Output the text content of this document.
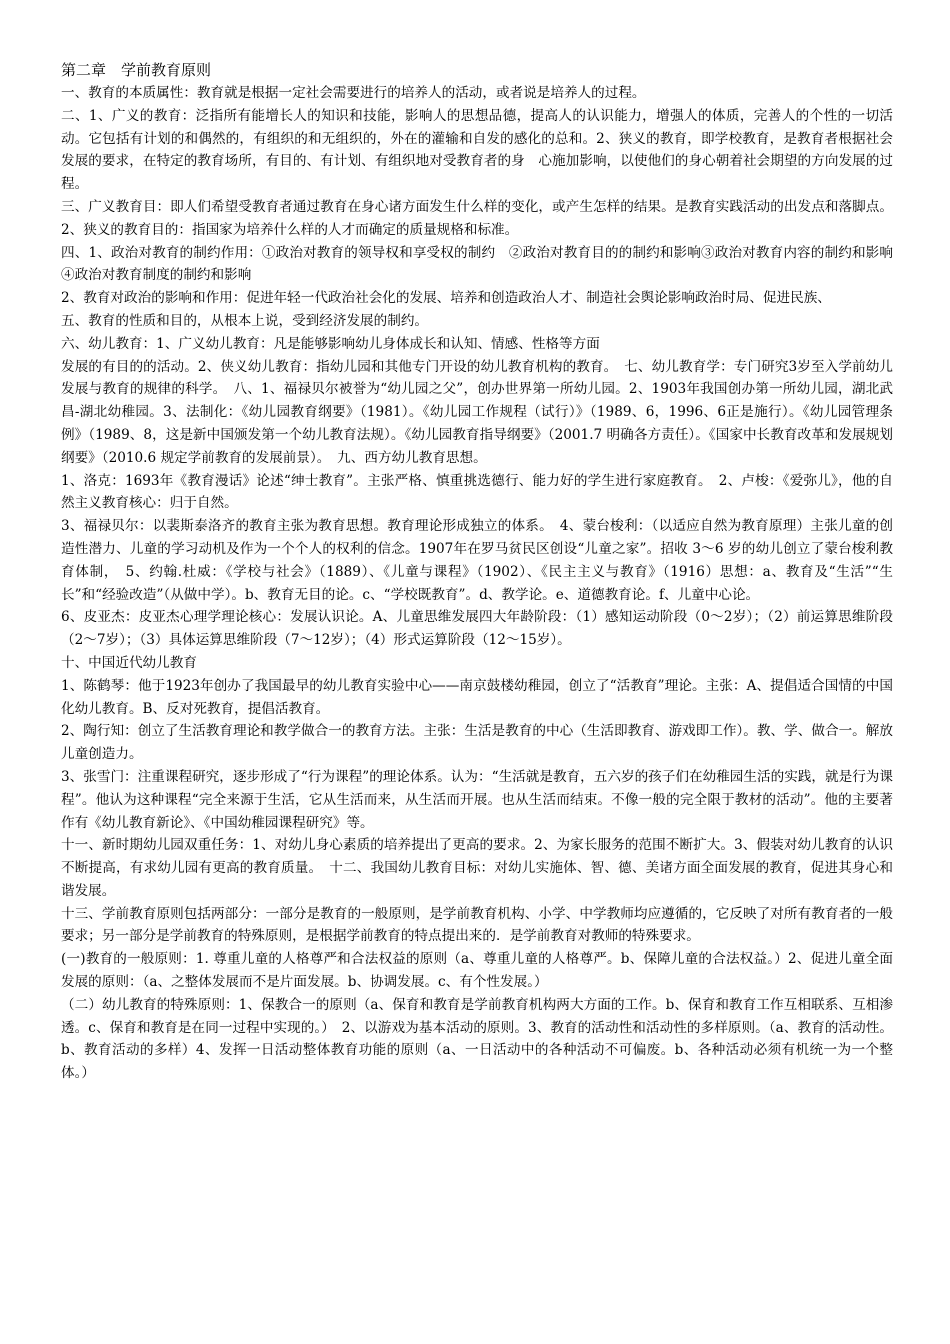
第二章　学前教育原则

一、教育的本质属性：教育就是根据一定社会需要进行的培养人的活动，或者说是培养人的过程。

二、1、广义的教育：泛指所有能增长人的知识和技能，影响人的思想品德，提高人的认识能力，增强人的体质，完善人的个性的一切活动。它包括有计划的和偶然的，有组织的和无组织的，外在的灌输和自发的感化的总和。2、狭义的教育，即学校教育，是教育者根据社会发展的要求，在特定的教育场所，有目的、有计划、有组织地对受教育者的身　心施加影响，以使他们的身心朝着社会期望的方向发展的过程。

三、广义教育目：即人们希望受教育者通过教育在身心诸方面发生什么样的变化，或产生怎样的结果。是教育实践活动的出发点和落脚点。2、狭义的教育目的：指国家为培养什么样的人才而确定的质量规格和标准。

四、1、政治对教育的制约作用：①政治对教育的领导权和享受权的制约　②政治对教育目的的制约和影响③政治对教育内容的制约和影响④政治对教育制度的制约和影响

2、教育对政治的影响和作用：促进年轻一代政治社会化的发展、培养和创造政治人才、制造社会舆论影响政治时局、促进民族、

五、教育的性质和目的，从根本上说，受到经济发展的制约。

六、幼儿教育：1、广义幼儿教育：凡是能够影响幼儿身体成长和认知、情感、性格等方面

发展的有目的的活动。2、侠义幼儿教育：指幼儿园和其他专门开设的幼儿教育机构的教育。　七、幼儿教育学：专门研究3岁至入学前幼儿发展与教育的规律的科学。　八、1、福禄贝尔被誉为“幼儿园之父”，创办世界第一所幼儿园。2、1903年我国创办第一所幼儿园，湖北武昌-湖北幼稚园。3、法制化：《幼儿园教育纲要》（1981）。《幼儿园工作规程（试行）》（1989、6，1996、6正是施行）。《幼儿园管理条例》（1989、8，这是新中国颁发第一个幼儿教育法规）。《幼儿园教育指导纲要》（2001.7 明确各方责任）。《国家中长教育改革和发展规划纲要》（2010.6 规定学前教育的发展前景）。　九、西方幼儿教育思想。

1、洛克：1693年《教育漫话》论述“绅士教育”。主张严格、慎重挑选德行、能力好的学生进行家庭教育。　2、卢梭：《爱弥儿》，他的自然主义教育核心：归于自然。

3、福禄贝尔：以裴斯泰洛齐的教育主张为教育思想。教育理论形成独立的体系。　4、蒙台梭利：（以适应自然为教育原理）主张儿童的创造性潜力、儿童的学习动机及作为一个个人的权利的信念。1907年在罗马贫民区创设“儿童之家”。招收 3～6 岁的幼儿创立了蒙台梭利教育体制，　5、约翰.杜威：《学校与社会》（1889）、《儿童与课程》（1902）、《民主主义与教育》（1916）思想：a、教育及“生活”“生长”和“经验改造”（从做中学）。b、教育无目的论。c、“学校既教育”。d、教学论。e、道德教育论。f、儿童中心论。

6、皮亚杰：皮亚杰心理学理论核心：发展认识论。A、儿童思维发展四大年龄阶段：（1）感知运动阶段（0～2岁）；（2）前运算思维阶段（2～7岁）；（3）具体运算思维阶段（7～12岁）；（4）形式运算阶段（12～15岁）。

十、中国近代幼儿教育

1、陈鹤琴：他于1923年创办了我国最早的幼儿教育实验中心——南京鼓楼幼稚园，创立了“活教育”理论。主张：A、提倡适合国情的中国化幼儿教育。B、反对死教育，提倡活教育。

2、陶行知：创立了生活教育理论和教学做合一的教育方法。主张：生活是教育的中心（生活即教育、游戏即工作）。教、学、做合一。解放儿童创造力。

3、张雪门：注重课程研究，逐步形成了“行为课程”的理论体系。认为：“生活就是教育，五六岁的孩子们在幼稚园生活的实践，就是行为课程”。他认为这种课程“完全来源于生活，它从生活而来，从生活而开展。也从生活而结束。不像一般的完全限于教材的活动”。他的主要著作有《幼儿教育新论》、《中国幼稚园课程研究》等。

十一、新时期幼儿园双重任务：1、对幼儿身心素质的培养提出了更高的要求。2、为家长服务的范围不断扩大。3、假装对幼儿教育的认识不断提高，有求幼儿园有更高的教育质量。　十二、我国幼儿教育目标：对幼儿实施体、智、德、美诸方面全面发展的教育，促进其身心和谐发展。

十三、学前教育原则包括两部分：一部分是教育的一般原则，是学前教育机构、小学、中学教师均应遵循的，它反映了对所有教育者的一般要求；另一部分是学前教育的特殊原则，是根据学前教育的特点提出来的．是学前教育对教师的特殊要求。

(一)教育的一般原则：1. 尊重儿童的人格尊严和合法权益的原则（a、尊重儿童的人格尊严。b、保障儿童的合法权益。）2、促进儿童全面发展的原则：（a、之整体发展而不是片面发展。b、协调发展。c、有个性发展。）

（二）幼儿教育的特殊原则：1、保教合一的原则（a、保育和教育是学前教育机构两大方面的工作。b、保育和教育工作互相联系、互相渗透。c、保育和教育是在同一过程中实现的。）　2、以游戏为基本活动的原则。3、教育的活动性和活动性的多样原则。（a、教育的活动性。b、教育活动的多样）4、发挥一日活动整体教育功能的原则（a、一日活动中的各种活动不可偏废。b、各种活动必须有机统一为一个整体。）
